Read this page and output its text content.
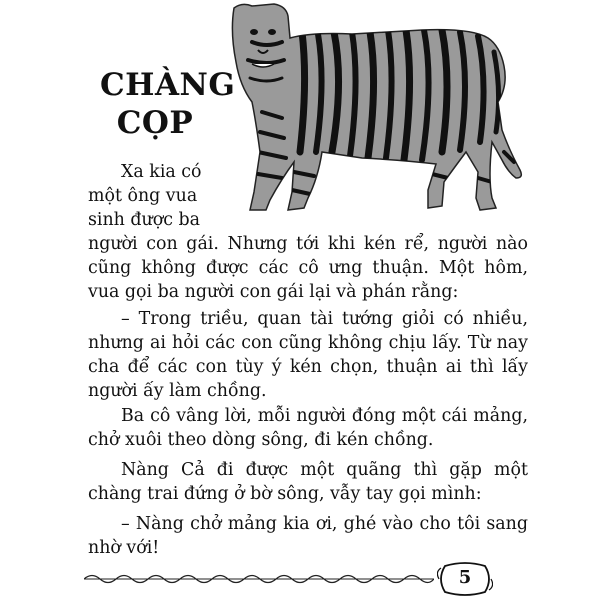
CHÀNG
CỌP

Xa kia có một ông vua sinh được ba

người con gái. Nhưng tới khi kén rể, người nào cũng không được các cô ưng thuận. Một hôm, vua gọi ba người con gái lại và phán rằng:

– Trong triều, quan tài tướng giỏi có nhiều, nhưng ai hỏi các con cũng không chịu lấy. Từ nay cha để các con tùy ý kén chọn, thuận ai thì lấy người ấy làm chồng.

Ba cô vâng lời, mỗi người đóng một cái mảng, chở xuôi theo dòng sông, đi kén chồng.

Nàng Cả đi được một quãng thì gặp một chàng trai đứng ở bờ sông, vẫy tay gọi mình:

– Nàng chở mảng kia ơi, ghé vào cho tôi sang nhờ với!

5
